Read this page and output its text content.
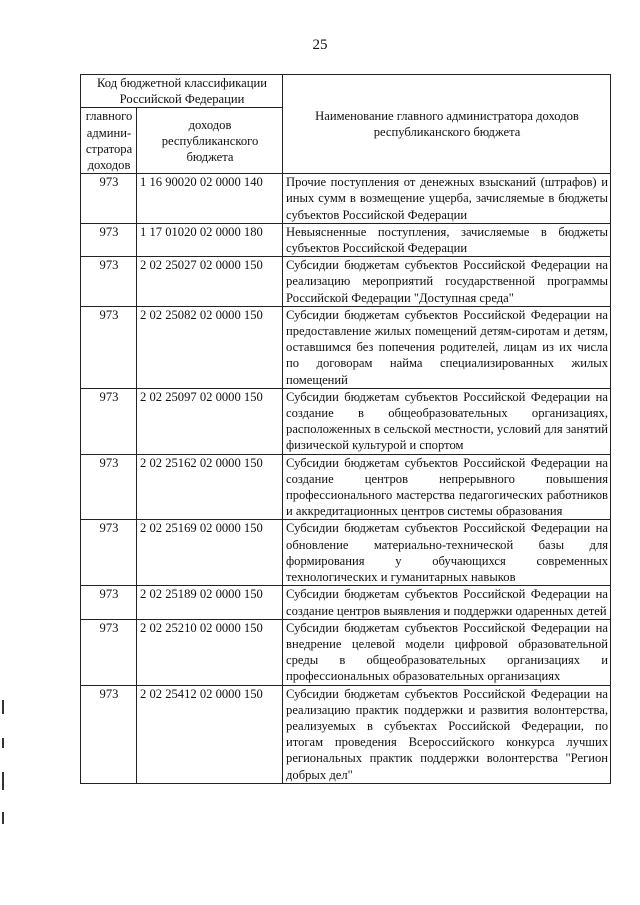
25
Код бюджетной классификации Российской Федерации		Наименование главного администратора доходов республиканского бюджета
главного админи-стратора доходов	доходов республиканского бюджета	
973	1 16 90020 02 0000 140	Прочие поступления от денежных взысканий (штрафов) и иных сумм в возмещение ущерба, зачисляемые в бюджеты субъектов Российской Федерации
973	1 17 01020 02 0000 180	Невыясненные поступления, зачисляемые в бюджеты субъектов Российской Федерации
973	2 02 25027 02 0000 150	Субсидии бюджетам субъектов Российской Федерации на реализацию мероприятий государственной программы Российской Федерации "Доступная среда"
973	2 02 25082 02 0000 150	Субсидии бюджетам субъектов Российской Федерации на предоставление жилых помещений детям-сиротам и детям, оставшимся без попечения родителей, лицам из их числа по договорам найма специализированных жилых помещений
973	2 02 25097 02 0000 150	Субсидии бюджетам субъектов Российской Федерации на создание в общеобразовательных организациях, расположенных в сельской местности, условий для занятий физической культурой и спортом
973	2 02 25162 02 0000 150	Субсидии бюджетам субъектов Российской Федерации на создание центров непрерывного повышения профессионального мастерства педагогических работников и аккредитационных центров системы образования
973	2 02 25169 02 0000 150	Субсидии бюджетам субъектов Российской Федерации на обновление материально-технической базы для формирования у обучающихся современных технологических и гуманитарных навыков
973	2 02 25189 02 0000 150	Субсидии бюджетам субъектов Российской Федерации на создание центров выявления и поддержки одаренных детей
973	2 02 25210 02 0000 150	Субсидии бюджетам субъектов Российской Федерации на внедрение целевой модели цифровой образовательной среды в общеобразовательных организациях и профессиональных образовательных организациях
973	2 02 25412 02 0000 150	Субсидии бюджетам субъектов Российской Федерации на реализацию практик поддержки и развития волонтерства, реализуемых в субъектах Российской Федерации, по итогам проведения Всероссийского конкурса лучших региональных практик поддержки волонтерства "Регион добрых дел"
